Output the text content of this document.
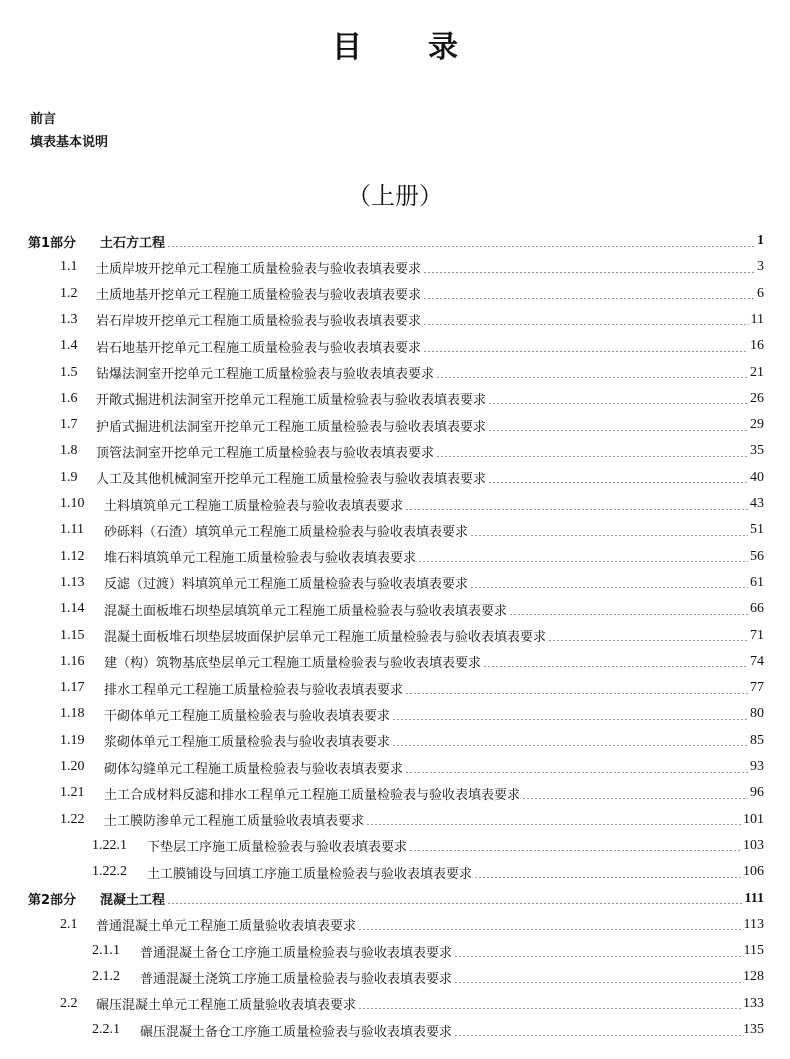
目 录
前言
填表基本说明
（上册）
第1部分	土石方工程	1
1.1	土质岸坡开挖单元工程施工质量检验表与验收表填表要求	3
1.2	土质地基开挖单元工程施工质量检验表与验收表填表要求	6
1.3	岩石岸坡开挖单元工程施工质量检验表与验收表填表要求	11
1.4	岩石地基开挖单元工程施工质量检验表与验收表填表要求	16
1.5	钻爆法洞室开挖单元工程施工质量检验表与验收表填表要求	21
1.6	开敞式掘进机法洞室开挖单元工程施工质量检验表与验收表填表要求	26
1.7	护盾式掘进机法洞室开挖单元工程施工质量检验表与验收表填表要求	29
1.8	顶管法洞室开挖单元工程施工质量检验表与验收表填表要求	35
1.9	人工及其他机械洞室开挖单元工程施工质量检验表与验收表填表要求	40
1.10	土料填筑单元工程施工质量检验表与验收表填表要求	43
1.11	砂砾料（石渣）填筑单元工程施工质量检验表与验收表填表要求	51
1.12	堆石料填筑单元工程施工质量检验表与验收表填表要求	56
1.13	反滤（过渡）料填筑单元工程施工质量检验表与验收表填表要求	61
1.14	混凝土面板堆石坝垫层填筑单元工程施工质量检验表与验收表填表要求	66
1.15	混凝土面板堆石坝垫层坡面保护层单元工程施工质量检验表与验收表填表要求	71
1.16	建（构）筑物基底垫层单元工程施工质量检验表与验收表填表要求	74
1.17	排水工程单元工程施工质量检验表与验收表填表要求	77
1.18	干砌体单元工程施工质量检验表与验收表填表要求	80
1.19	浆砌体单元工程施工质量检验表与验收表填表要求	85
1.20	砌体勾缝单元工程施工质量检验表与验收表填表要求	93
1.21	土工合成材料反滤和排水工程单元工程施工质量检验表与验收表填表要求	96
1.22	土工膜防渗单元工程施工质量验收表填表要求	101
1.22.1	下垫层工序施工质量检验表与验收表填表要求	103
1.22.2	土工膜铺设与回填工序施工质量检验表与验收表填表要求	106
第2部分	混凝土工程	111
2.1	普通混凝土单元工程施工质量验收表填表要求	113
2.1.1	普通混凝土备仓工序施工质量检验表与验收表填表要求	115
2.1.2	普通混凝土浇筑工序施工质量检验表与验收表填表要求	128
2.2	碾压混凝土单元工程施工质量验收表填表要求	133
2.2.1	碾压混凝土备仓工序施工质量检验表与验收表填表要求	135
